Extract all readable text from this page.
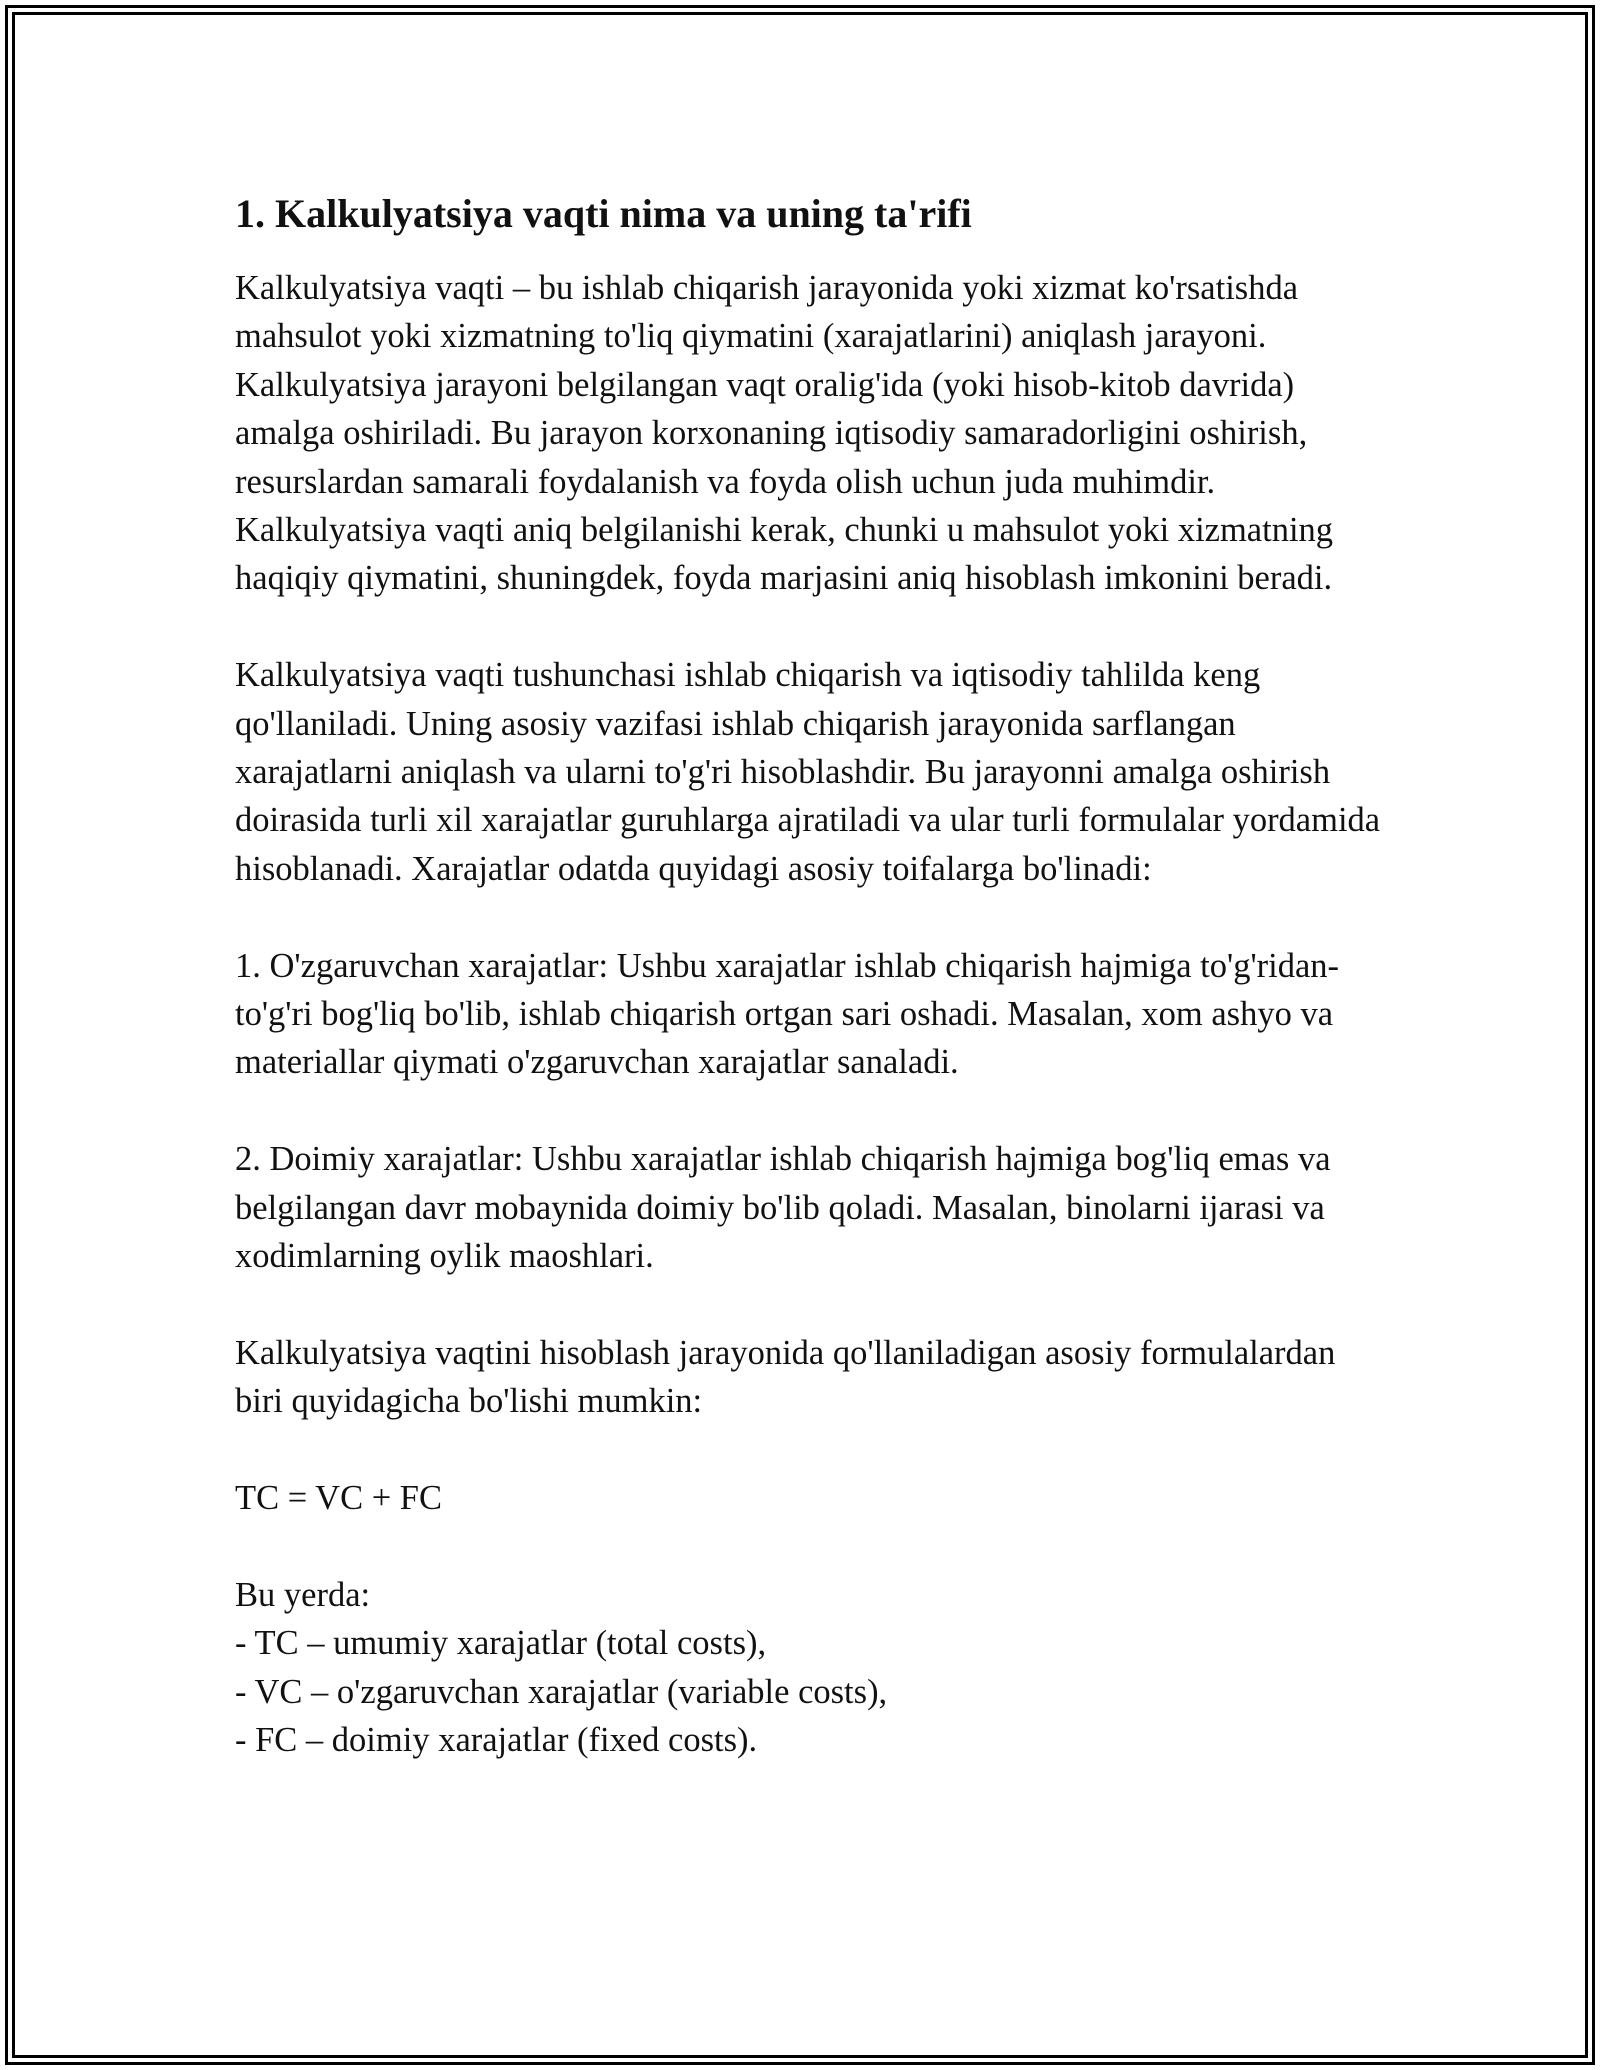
1. Kalkulyatsiya vaqti nima va uning ta'rifi

Kalkulyatsiya vaqti – bu ishlab chiqarish jarayonida yoki xizmat ko'rsatishda mahsulot yoki xizmatning to'liq qiymatini (xarajatlarini) aniqlash jarayoni. Kalkulyatsiya jarayoni belgilangan vaqt oralig'ida (yoki hisob-kitob davrida) amalga oshiriladi. Bu jarayon korxonaning iqtisodiy samaradorligini oshirish, resurslardan samarali foydalanish va foyda olish uchun juda muhimdir. Kalkulyatsiya vaqti aniq belgilanishi kerak, chunki u mahsulot yoki xizmatning haqiqiy qiymatini, shuningdek, foyda marjasini aniq hisoblash imkonini beradi.

Kalkulyatsiya vaqti tushunchasi ishlab chiqarish va iqtisodiy tahlilda keng qo'llaniladi. Uning asosiy vazifasi ishlab chiqarish jarayonida sarflangan xarajatlarni aniqlash va ularni to'g'ri hisoblashdir. Bu jarayonni amalga oshirish doirasida turli xil xarajatlar guruhlarga ajratiladi va ular turli formulalar yordamida hisoblanadi. Xarajatlar odatda quyidagi asosiy toifalarga bo'linadi:

1. O'zgaruvchan xarajatlar: Ushbu xarajatlar ishlab chiqarish hajmiga to'g'ridan-to'g'ri bog'liq bo'lib, ishlab chiqarish ortgan sari oshadi. Masalan, xom ashyo va materiallar qiymati o'zgaruvchan xarajatlar sanaladi.

2. Doimiy xarajatlar: Ushbu xarajatlar ishlab chiqarish hajmiga bog'liq emas va belgilangan davr mobaynida doimiy bo'lib qoladi. Masalan, binolarni ijarasi va xodimlarning oylik maoshlari.

Kalkulyatsiya vaqtini hisoblash jarayonida qo'llaniladigan asosiy formulalardan biri quyidagicha bo'lishi mumkin:

TC = VC + FC

Bu yerda:
- TC – umumiy xarajatlar (total costs),
- VC – o'zgaruvchan xarajatlar (variable costs),
- FC – doimiy xarajatlar (fixed costs).
